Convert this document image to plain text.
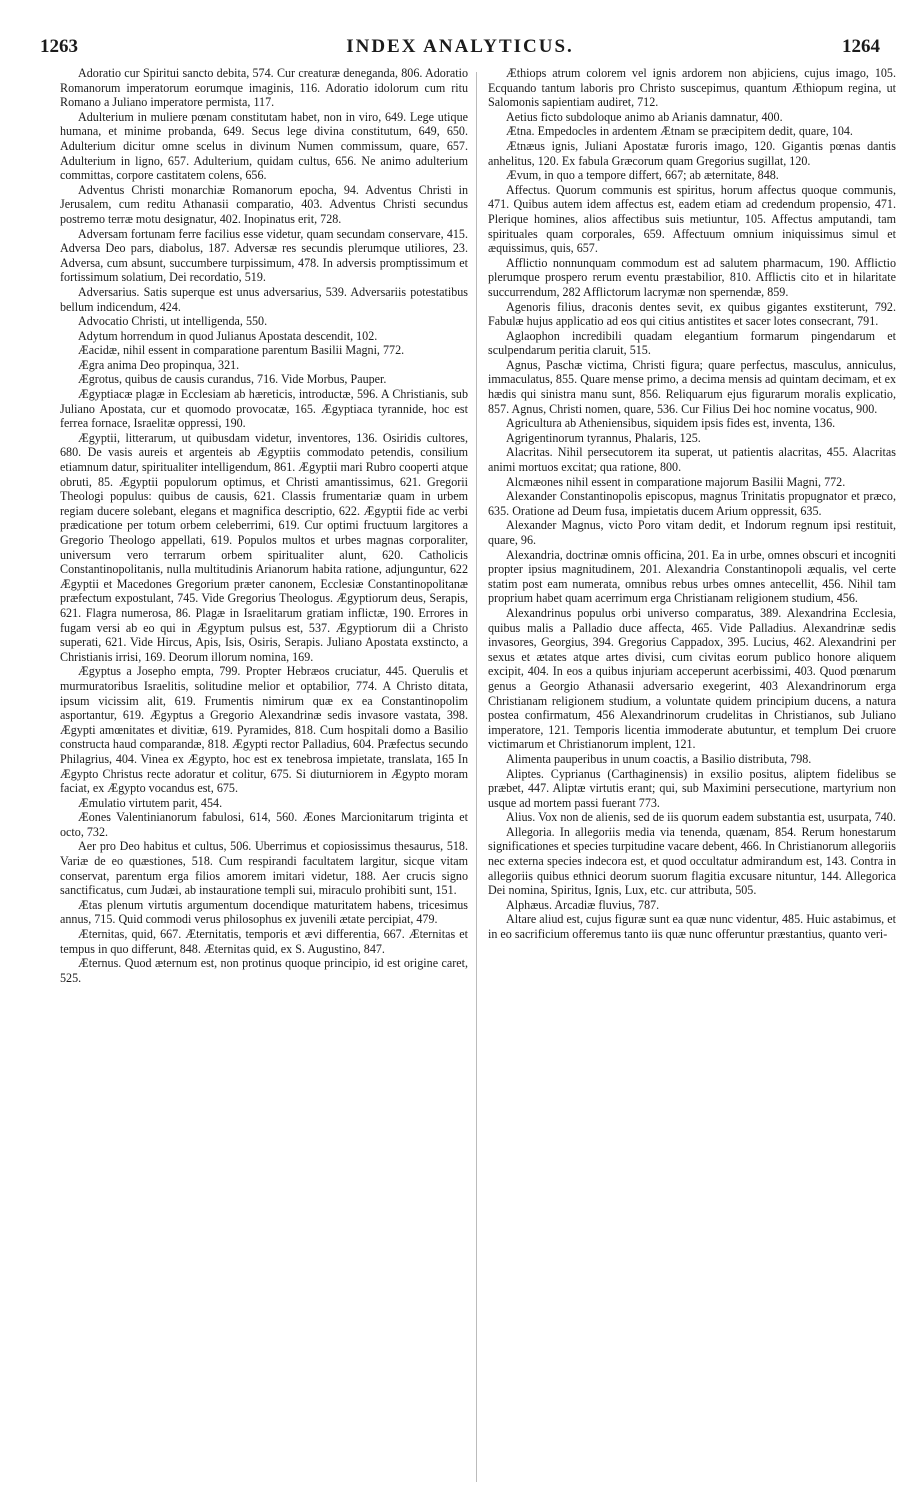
1263	INDEX ANALYTICUS.	1264

Adoratio cur Spiritui sancto debita, 574. Cur creaturæ deneganda, 806. Adoratio Romanorum imperatorum eorumque imaginis, 116. Adoratio idolorum cum ritu Romano a Juliano imperatore permista, 117.

Adulterium in muliere pœnam constitutam habet, non in viro, 649. Lege utique humana, et minime probanda, 649. Secus lege divina constitutum, 649, 650. Adulterium dicitur omne scelus in divinum Numen commissum, quare, 657. Adulterium in ligno, 657. Adulterium, quidam cultus, 656. Ne animo adulterium committas, corpore castitatem colens, 656.

Adventus Christi monarchiæ Romanorum epocha, 94. Adventus Christi in Jerusalem, cum reditu Athanasii comparatio, 403. Adventus Christi secundus postremo terræ motu designatur, 402. Inopinatus erit, 728.

Adversam fortunam ferre facilius esse videtur, quam secundam conservare, 415. Adversa Deo pars, diabolus, 187. Adversæ res secundis plerumque utiliores, 23. Adversa, cum absunt, succumbere turpissimum, 478. In adversis promptissimum et fortissimum solatium, Dei recordatio, 519.

Adversarius. Satis superque est unus adversarius, 539. Adversariis potestatibus bellum indicendum, 424.

Advocatio Christi, ut intelligenda, 550.

Adytum horrendum in quod Julianus Apostata descendit, 102.

Æacidæ, nihil essent in comparatione parentum Basilii Magni, 772.

Ægra anima Deo propinqua, 321.

Ægrotus, quibus de causis curandus, 716. Vide Morbus, Pauper.

Ægyptiacæ plagæ in Ecclesiam ab hæreticis, introductæ, 596. A Christianis, sub Juliano Apostata, cur et quomodo provocatæ, 165. Ægyptiaca tyrannide, hoc est ferrea fornace, Israelitæ oppressi, 190.

Ægyptii, litterarum, ut quibusdam videtur, inventores, 136. Osiridis cultores, 680. De vasis aureis et argenteis ab Ægyptiis commodato petendis, consilium etiamnum datur, spiritualiter intelligendum, 861. Ægyptii mari Rubro cooperti atque obruti, 85. Ægyptii populorum optimus, et Christi amantissimus, 621. Gregorii Theologi populus: quibus de causis, 621. Classis frumentariæ quam in urbem regiam ducere solebant, elegans et magnifica descriptio, 622. Ægyptii fide ac verbi prædicatione per totum orbem celeberrimi, 619. Cur optimi fructuum largitores a Gregorio Theologo appellati, 619. Populos multos et urbes magnas corporaliter, universum vero terrarum orbem spiritualiter alunt, 620. Catholicis Constantinopolitanis, nulla multitudinis Arianorum habita ratione, adjunguntur, 622 Ægyptii et Macedones Gregorium præter canonem, Ecclesiæ Constantinopolitanæ præfectum expostulant, 745. Vide Gregorius Theologus. Ægyptiorum deus, Serapis, 621. Flagra numerosa, 86. Plagæ in Israelitarum gratiam inflictæ, 190. Errores in fugam versi ab eo qui in Ægyptum pulsus est, 537. Ægyptiorum dii a Christo superati, 621. Vide Hircus, Apis, Isis, Osiris, Serapis. Juliano Apostata exstincto, a Christianis irrisi, 169. Deorum illorum nomina, 169.

Ægyptus a Josepho empta, 799. Propter Hebræos cruciatur, 445. Querulis et murmuratoribus Israelitis, solitudine melior et optabilior, 774. A Christo ditata, ipsum vicissim alit, 619. Frumentis nimirum quæ ex ea Constantinopolim asportantur, 619. Ægyptus a Gregorio Alexandrinæ sedis invasore vastata, 398. Ægypti amœnitates et divitiæ, 619. Pyramides, 818. Cum hospitali domo a Basilio constructa haud comparandæ, 818. Ægypti rector Palladius, 604. Præfectus secundo Philagrius, 404. Vinea ex Ægypto, hoc est ex tenebrosa impietate, translata, 165 In Ægypto Christus recte adoratur et colitur, 675. Si diuturniorem in Ægypto moram faciat, ex Ægypto vocandus est, 675.

Æmulatio virtutem parit, 454.

Æones Valentinianorum fabulosi, 614, 560. Æones Marcionitarum triginta et octo, 732.

Aer pro Deo habitus et cultus, 506. Uberrimus et copiosissimus thesaurus, 518. Variæ de eo quæstiones, 518. Cum respirandi facultatem largitur, sicque vitam conservat, parentum erga filios amorem imitari videtur, 188. Aer crucis signo sanctificatus, cum Judæi, ab instauratione templi sui, miraculo prohibiti sunt, 151.

Ætas plenum virtutis argumentum docendique maturitatem habens, tricesimus annus, 715. Quid commodi verus philosophus ex juvenili ætate percipiat, 479.

Æternitas, quid, 667. Æternitatis, temporis et ævi differentia, 667. Æternitas et tempus in quo differunt, 848. Æternitas quid, ex S. Augustino, 847.

Æternus. Quod æternum est, non protinus quoque principio, id est origine caret, 525.

Æthiops atrum colorem vel ignis ardorem non abjiciens, cujus imago, 105. Ecquando tantum laboris pro Christo suscepimus, quantum Æthiopum regina, ut Salomonis sapientiam audiret, 712.

Aetius ficto subdoloque animo ab Arianis damnatur, 400.

Ætna. Empedocles in ardentem Ætnam se præcipitem dedit, quare, 104.

Ætnæus ignis, Juliani Apostatæ furoris imago, 120. Gigantis pœnas dantis anhelitus, 120. Ex fabula Græcorum quam Gregorius sugillat, 120.

Ævum, in quo a tempore differt, 667; ab æternitate, 848.

Affectus. Quorum communis est spiritus, horum affectus quoque communis, 471. Quibus autem idem affectus est, eadem etiam ad credendum propensio, 471. Plerique homines, alios affectibus suis metiuntur, 105. Affectus amputandi, tam spirituales quam corporales, 659. Affectuum omnium iniquissimus simul et æquissimus, quis, 657.

Afflictio nonnunquam commodum est ad salutem pharmacum, 190. Afflictio plerumque prospero rerum eventu præstabilior, 810. Afflictis cito et in hilaritate succurrendum, 282 Afflictorum lacrymæ non spernendæ, 859.

Agenoris filius, draconis dentes sevit, ex quibus gigantes exstiterunt, 792. Fabulæ hujus applicatio ad eos qui citius antistites et sacer lotes consecrant, 791.

Aglaophon incredibili quadam elegantium formarum pingendarum et sculpendarum peritia claruit, 515.

Agnus, Paschæ victima, Christi figura; quare perfectus, masculus, anniculus, immaculatus, 855. Quare mense primo, a decima mensis ad quintam decimam, et ex hædis qui sinistra manu sunt, 856. Reliquarum ejus figurarum moralis explicatio, 857. Agnus, Christi nomen, quare, 536. Cur Filius Dei hoc nomine vocatus, 900.

Agricultura ab Atheniensibus, siquidem ipsis fides est, inventa, 136.

Agrigentinorum tyrannus, Phalaris, 125.

Alacritas. Nihil persecutorem ita superat, ut patientis alacritas, 455. Alacritas animi mortuos excitat; qua ratione, 800.

Alcmæones nihil essent in comparatione majorum Basilii Magni, 772.

Alexander Constantinopolis episcopus, magnus Trinitatis propugnator et præco, 635. Oratione ad Deum fusa, impietatis ducem Arium oppressit, 635.

Alexander Magnus, victo Poro vitam dedit, et Indorum regnum ipsi restituit, quare, 96.

Alexandria, doctrinæ omnis officina, 201. Ea in urbe, omnes obscuri et incogniti propter ipsius magnitudinem, 201. Alexandria Constantinopoli æqualis, vel certe statim post eam numerata, omnibus rebus urbes omnes antecellit, 456. Nihil tam proprium habet quam acerrimum erga Christianam religionem studium, 456.

Alexandrinus populus orbi universo comparatus, 389. Alexandrina Ecclesia, quibus malis a Palladio duce affecta, 465. Vide Palladius. Alexandrinæ sedis invasores, Georgius, 394. Gregorius Cappadox, 395. Lucius, 462. Alexandrini per sexus et ætates atque artes divisi, cum civitas eorum publico honore aliquem excipit, 404. In eos a quibus injuriam acceperunt acerbissimi, 403. Quod pœnarum genus a Georgio Athanasii adversario exegerint, 403 Alexandrinorum erga Christianam religionem studium, a voluntate quidem principium ducens, a natura postea confirmatum, 456 Alexandrinorum crudelitas in Christianos, sub Juliano imperatore, 121. Temporis licentia immoderate abutuntur, et templum Dei cruore victimarum et Christianorum implent, 121.

Alimenta pauperibus in unum coactis, a Basilio distributa, 798.

Aliptes. Cyprianus (Carthaginensis) in exsilio positus, aliptem fidelibus se præbet, 447. Aliptæ virtutis erant; qui, sub Maximini persecutione, martyrium non usque ad mortem passi fuerant 773.

Alius. Vox non de alienis, sed de iis quorum eadem substantia est, usurpata, 740.

Allegoria. In allegoriis media via tenenda, quænam, 854. Rerum honestarum significationes et species turpitudine vacare debent, 466. In Christianorum allegoriis nec externa species indecora est, et quod occultatur admirandum est, 143. Contra in allegoriis quibus ethnici deorum suorum flagitia excusare nituntur, 144. Allegorica Dei nomina, Spiritus, Ignis, Lux, etc. cur attributa, 505.

Alphæus. Arcadiæ fluvius, 787.

Altare aliud est, cujus figuræ sunt ea quæ nunc videntur, 485. Huic astabimus, et in eo sacrificium offeremus tanto iis quæ nunc offeruntur præstantius, quanto veri-
